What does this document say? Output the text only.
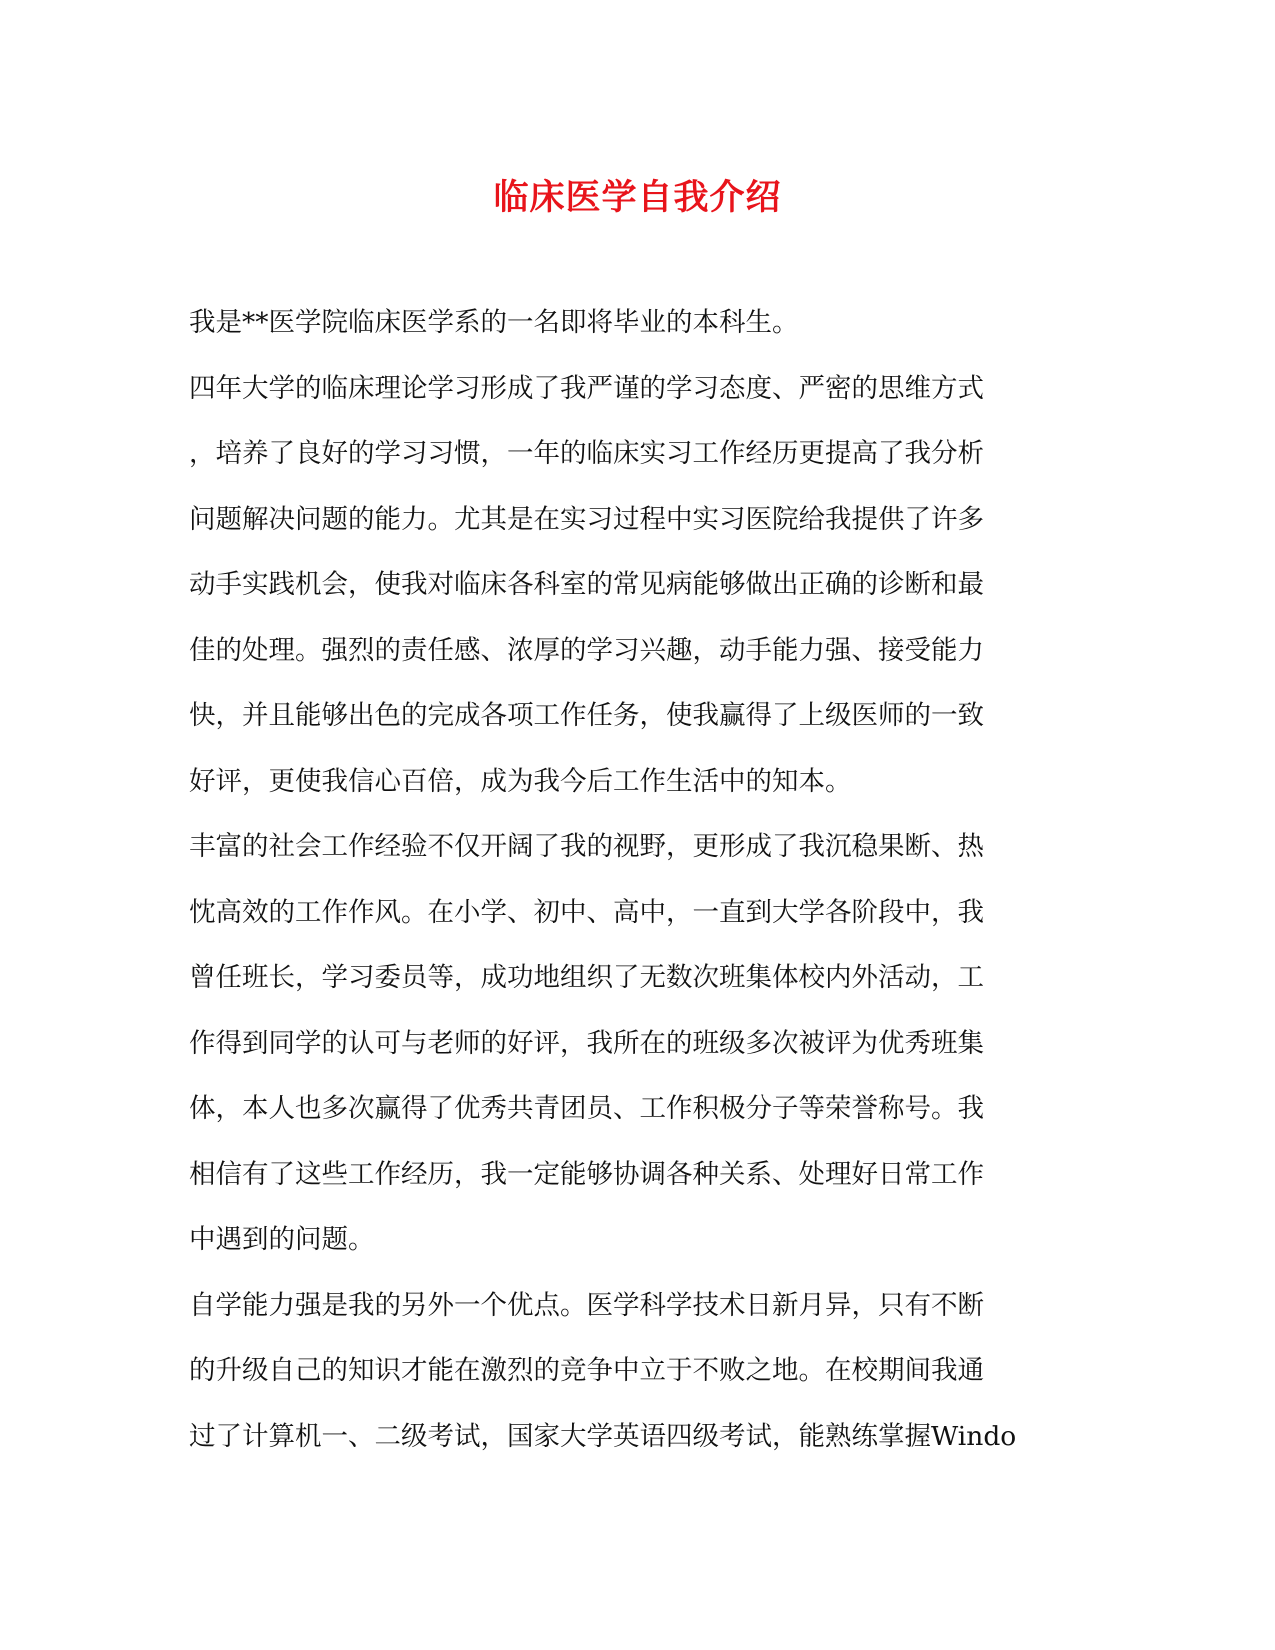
临床医学自我介绍
我是**医学院临床医学系的一名即将毕业的本科生。
四年大学的临床理论学习形成了我严谨的学习态度、严密的思维方式
，培养了良好的学习习惯，一年的临床实习工作经历更提高了我分析
问题解决问题的能力。尤其是在实习过程中实习医院给我提供了许多
动手实践机会，使我对临床各科室的常见病能够做出正确的诊断和最
佳的处理。强烈的责任感、浓厚的学习兴趣，动手能力强、接受能力
快，并且能够出色的完成各项工作任务，使我赢得了上级医师的一致
好评，更使我信心百倍，成为我今后工作生活中的知本。
丰富的社会工作经验不仅开阔了我的视野，更形成了我沉稳果断、热
忱高效的工作作风。在小学、初中、高中，一直到大学各阶段中，我
曾任班长，学习委员等，成功地组织了无数次班集体校内外活动，工
作得到同学的认可与老师的好评，我所在的班级多次被评为优秀班集
体，本人也多次赢得了优秀共青团员、工作积极分子等荣誉称号。我
相信有了这些工作经历，我一定能够协调各种关系、处理好日常工作
中遇到的问题。
自学能力强是我的另外一个优点。医学科学技术日新月异，只有不断
的升级自己的知识才能在激烈的竞争中立于不败之地。在校期间我通
过了计算机一、二级考试，国家大学英语四级考试，能熟练掌握Windo
